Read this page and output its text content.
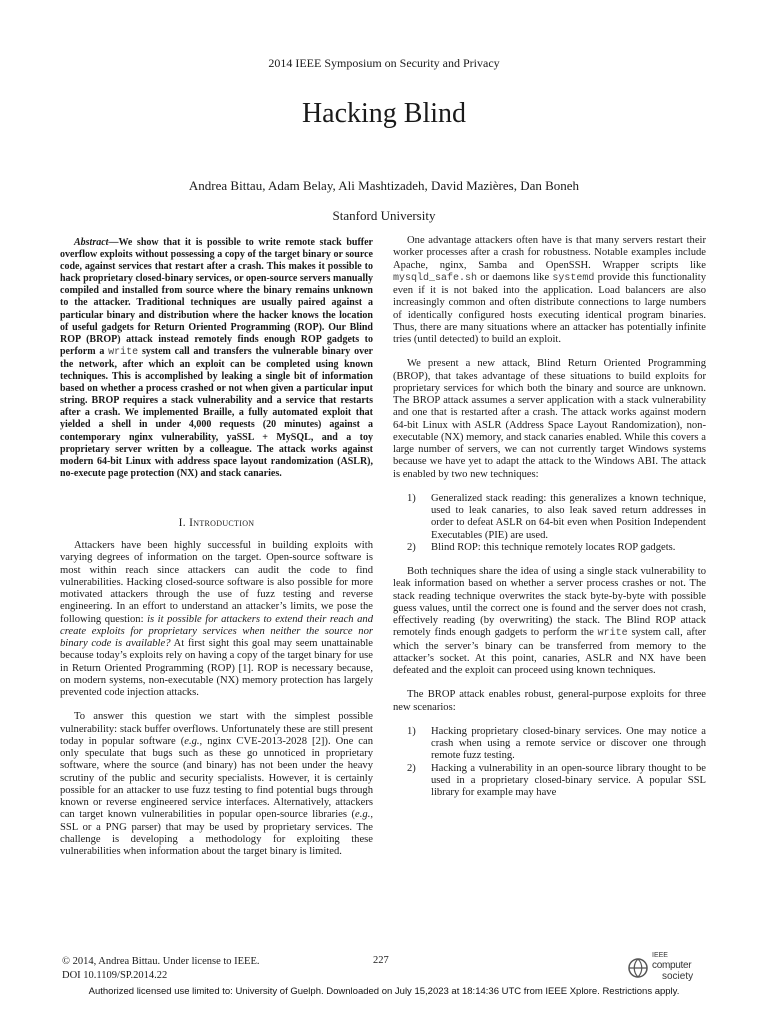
2014 IEEE Symposium on Security and Privacy
Hacking Blind
Andrea Bittau, Adam Belay, Ali Mashtizadeh, David Mazières, Dan Boneh
Stanford University

Abstract—We show that it is possible to write remote stack buffer overflow exploits without possessing a copy of the target binary or source code, against services that restart after a crash. This makes it possible to hack proprietary closed-binary services, or open-source servers manually compiled and installed from source where the binary remains unknown to the attacker. Traditional techniques are usually paired against a particular binary and distribution where the hacker knows the location of useful gadgets for Return Oriented Programming (ROP). Our Blind ROP (BROP) attack instead remotely finds enough ROP gadgets to perform a write system call and transfers the vulnerable binary over the network, after which an exploit can be completed using known techniques. This is accomplished by leaking a single bit of information based on whether a process crashed or not when given a particular input string. BROP requires a stack vulnerability and a service that restarts after a crash. We implemented Braille, a fully automated exploit that yielded a shell in under 4,000 requests (20 minutes) against a contemporary nginx vulnerability, yaSSL + MySQL, and a toy proprietary server written by a colleague. The attack works against modern 64-bit Linux with address space layout randomization (ASLR), no-execute page protection (NX) and stack canaries.

I. Introduction

Attackers have been highly successful in building exploits with varying degrees of information on the target. Open-source software is most within reach since attackers can audit the code to find vulnerabilities. Hacking closed-source software is also possible for more motivated attackers through the use of fuzz testing and reverse engineering. In an effort to understand an attacker’s limits, we pose the following question: is it possible for attackers to extend their reach and create exploits for proprietary services when neither the source nor binary code is available? At first sight this goal may seem unattainable because today’s exploits rely on having a copy of the target binary for use in Return Oriented Programming (ROP) [1]. ROP is necessary because, on modern systems, non-executable (NX) memory protection has largely prevented code injection attacks.

To answer this question we start with the simplest possible vulnerability: stack buffer overflows. Unfortunately these are still present today in popular software (e.g., nginx CVE-2013-2028 [2]). One can only speculate that bugs such as these go unnoticed in proprietary software, where the source (and binary) has not been under the heavy scrutiny of the public and security specialists. However, it is certainly possible for an attacker to use fuzz testing to find potential bugs through known or reverse engineered service interfaces. Alternatively, attackers can target known vulnerabilities in popular open-source libraries (e.g., SSL or a PNG parser) that may be used by proprietary services. The challenge is developing a methodology for exploiting these vulnerabilities when information about the target binary is limited.

One advantage attackers often have is that many servers restart their worker processes after a crash for robustness. Notable examples include Apache, nginx, Samba and OpenSSH. Wrapper scripts like mysqld_safe.sh or daemons like systemd provide this functionality even if it is not baked into the application. Load balancers are also increasingly common and often distribute connections to large numbers of identically configured hosts executing identical program binaries. Thus, there are many situations where an attacker has potentially infinite tries (until detected) to build an exploit.

We present a new attack, Blind Return Oriented Programming (BROP), that takes advantage of these situations to build exploits for proprietary services for which both the binary and source are unknown. The BROP attack assumes a server application with a stack vulnerability and one that is restarted after a crash. The attack works against modern 64-bit Linux with ASLR (Address Space Layout Randomization), non-executable (NX) memory, and stack canaries enabled. While this covers a large number of servers, we can not currently target Windows systems because we have yet to adapt the attack to the Windows ABI. The attack is enabled by two new techniques:

1) Generalized stack reading: this generalizes a known technique, used to leak canaries, to also leak saved return addresses in order to defeat ASLR on 64-bit even when Position Independent Executables (PIE) are used.
2) Blind ROP: this technique remotely locates ROP gadgets.

Both techniques share the idea of using a single stack vulnerability to leak information based on whether a server process crashes or not. The stack reading technique overwrites the stack byte-by-byte with possible guess values, until the correct one is found and the server does not crash, effectively reading (by overwriting) the stack. The Blind ROP attack remotely finds enough gadgets to perform the write system call, after which the server’s binary can be transferred from memory to the attacker’s socket. At this point, canaries, ASLR and NX have been defeated and the exploit can proceed using known techniques.

The BROP attack enables robust, general-purpose exploits for three new scenarios:

1) Hacking proprietary closed-binary services. One may notice a crash when using a remote service or discover one through remote fuzz testing.
2) Hacking a vulnerability in an open-source library thought to be used in a proprietary closed-binary service. A popular SSL library for example may have
© 2014, Andrea Bittau. Under license to IEEE.
DOI 10.1109/SP.2014.22
227	IEEE
computer
society
Authorized licensed use limited to: University of Guelph. Downloaded on July 15,2023 at 18:14:36 UTC from IEEE Xplore. Restrictions apply.
